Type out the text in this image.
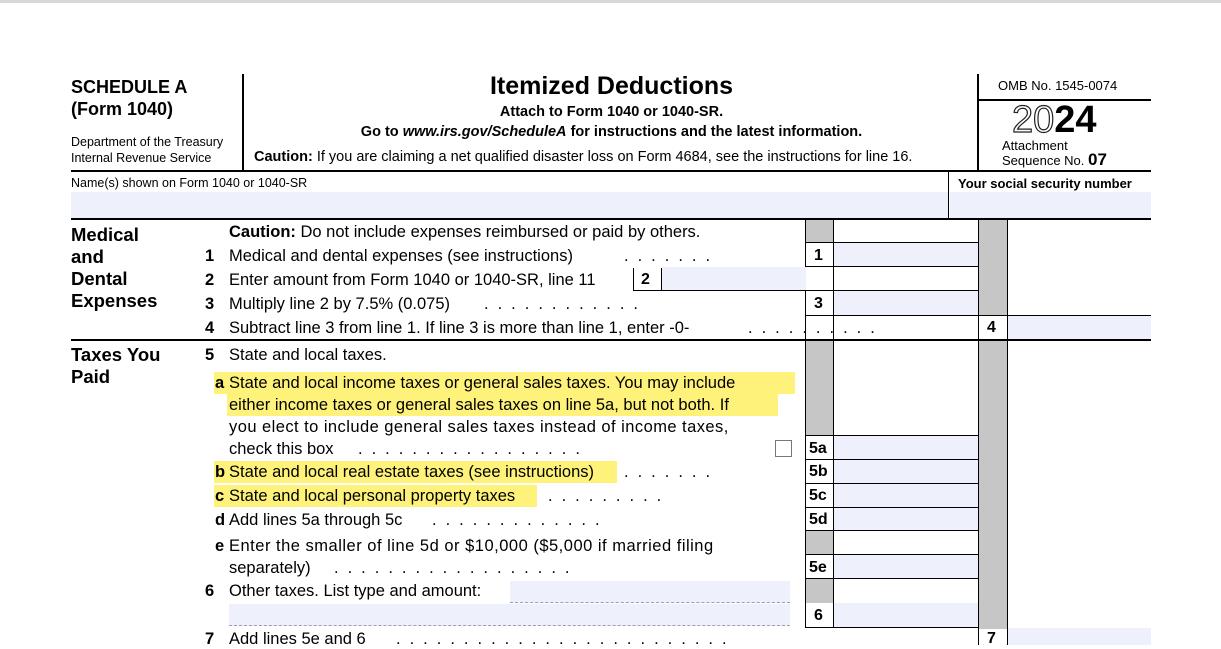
SCHEDULE A
(Form 1040)
Department of the Treasury
Internal Revenue Service
Itemized Deductions
Attach to Form 1040 or 1040-SR.
Go to www.irs.gov/ScheduleA for instructions and the latest information.
Caution: If you are claiming a net qualified disaster loss on Form 4684, see the instructions for line 16.
OMB No. 1545-0074
2024
Attachment
Sequence No. 07
Name(s) shown on Form 1040 or 1040-SR	Your social security number
Medical
and
Dental
Expenses
Caution: Do not include expenses reimbursed or paid by others.
1 Medical and dental expenses (see instructions)	.......	1
2 Enter amount from Form 1040 or 1040-SR, line 11	2
3 Multiply line 2 by 7.5% (0.075) ............	3
4 Subtract line 3 from line 1. If line 3 is more than line 1, enter -0-	..........	4
Taxes You
Paid
5 State and local taxes.
a State and local income taxes or general sales taxes. You may include
either income taxes or general sales taxes on line 5a, but not both. If
you elect to include general sales taxes instead of income taxes,
check this box .................	5a
b State and local real estate taxes (see instructions) .......	5b
c State and local personal property taxes .........	5c
d Add lines 5a through 5c .............	5d
e Enter the smaller of line 5d or $10,000 ($5,000 if married filing
separately) ..................	5e
6 Other taxes. List type and amount:
6
7 Add lines 5e and 6 .........................	7
